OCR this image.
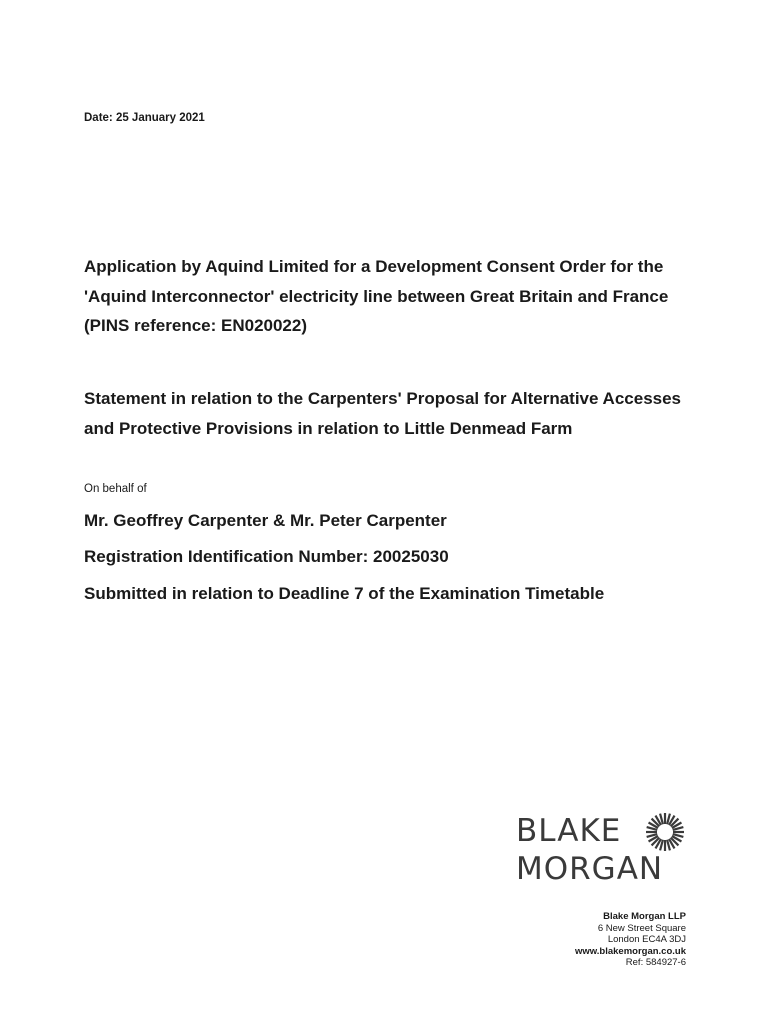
Date: 25 January 2021
Application by Aquind Limited for a Development Consent Order for the 'Aquind Interconnector' electricity line between Great Britain and France (PINS reference: EN020022)
Statement in relation to the Carpenters' Proposal for Alternative Accesses and Protective Provisions in relation to Little Denmead Farm
On behalf of
Mr. Geoffrey Carpenter & Mr. Peter Carpenter
Registration Identification Number: 20025030
Submitted in relation to Deadline 7 of the Examination Timetable
BLAKE
MORGAN
Blake Morgan LLP
6 New Street Square
London EC4A 3DJ
www.blakemorgan.co.uk
Ref: 584927-6
